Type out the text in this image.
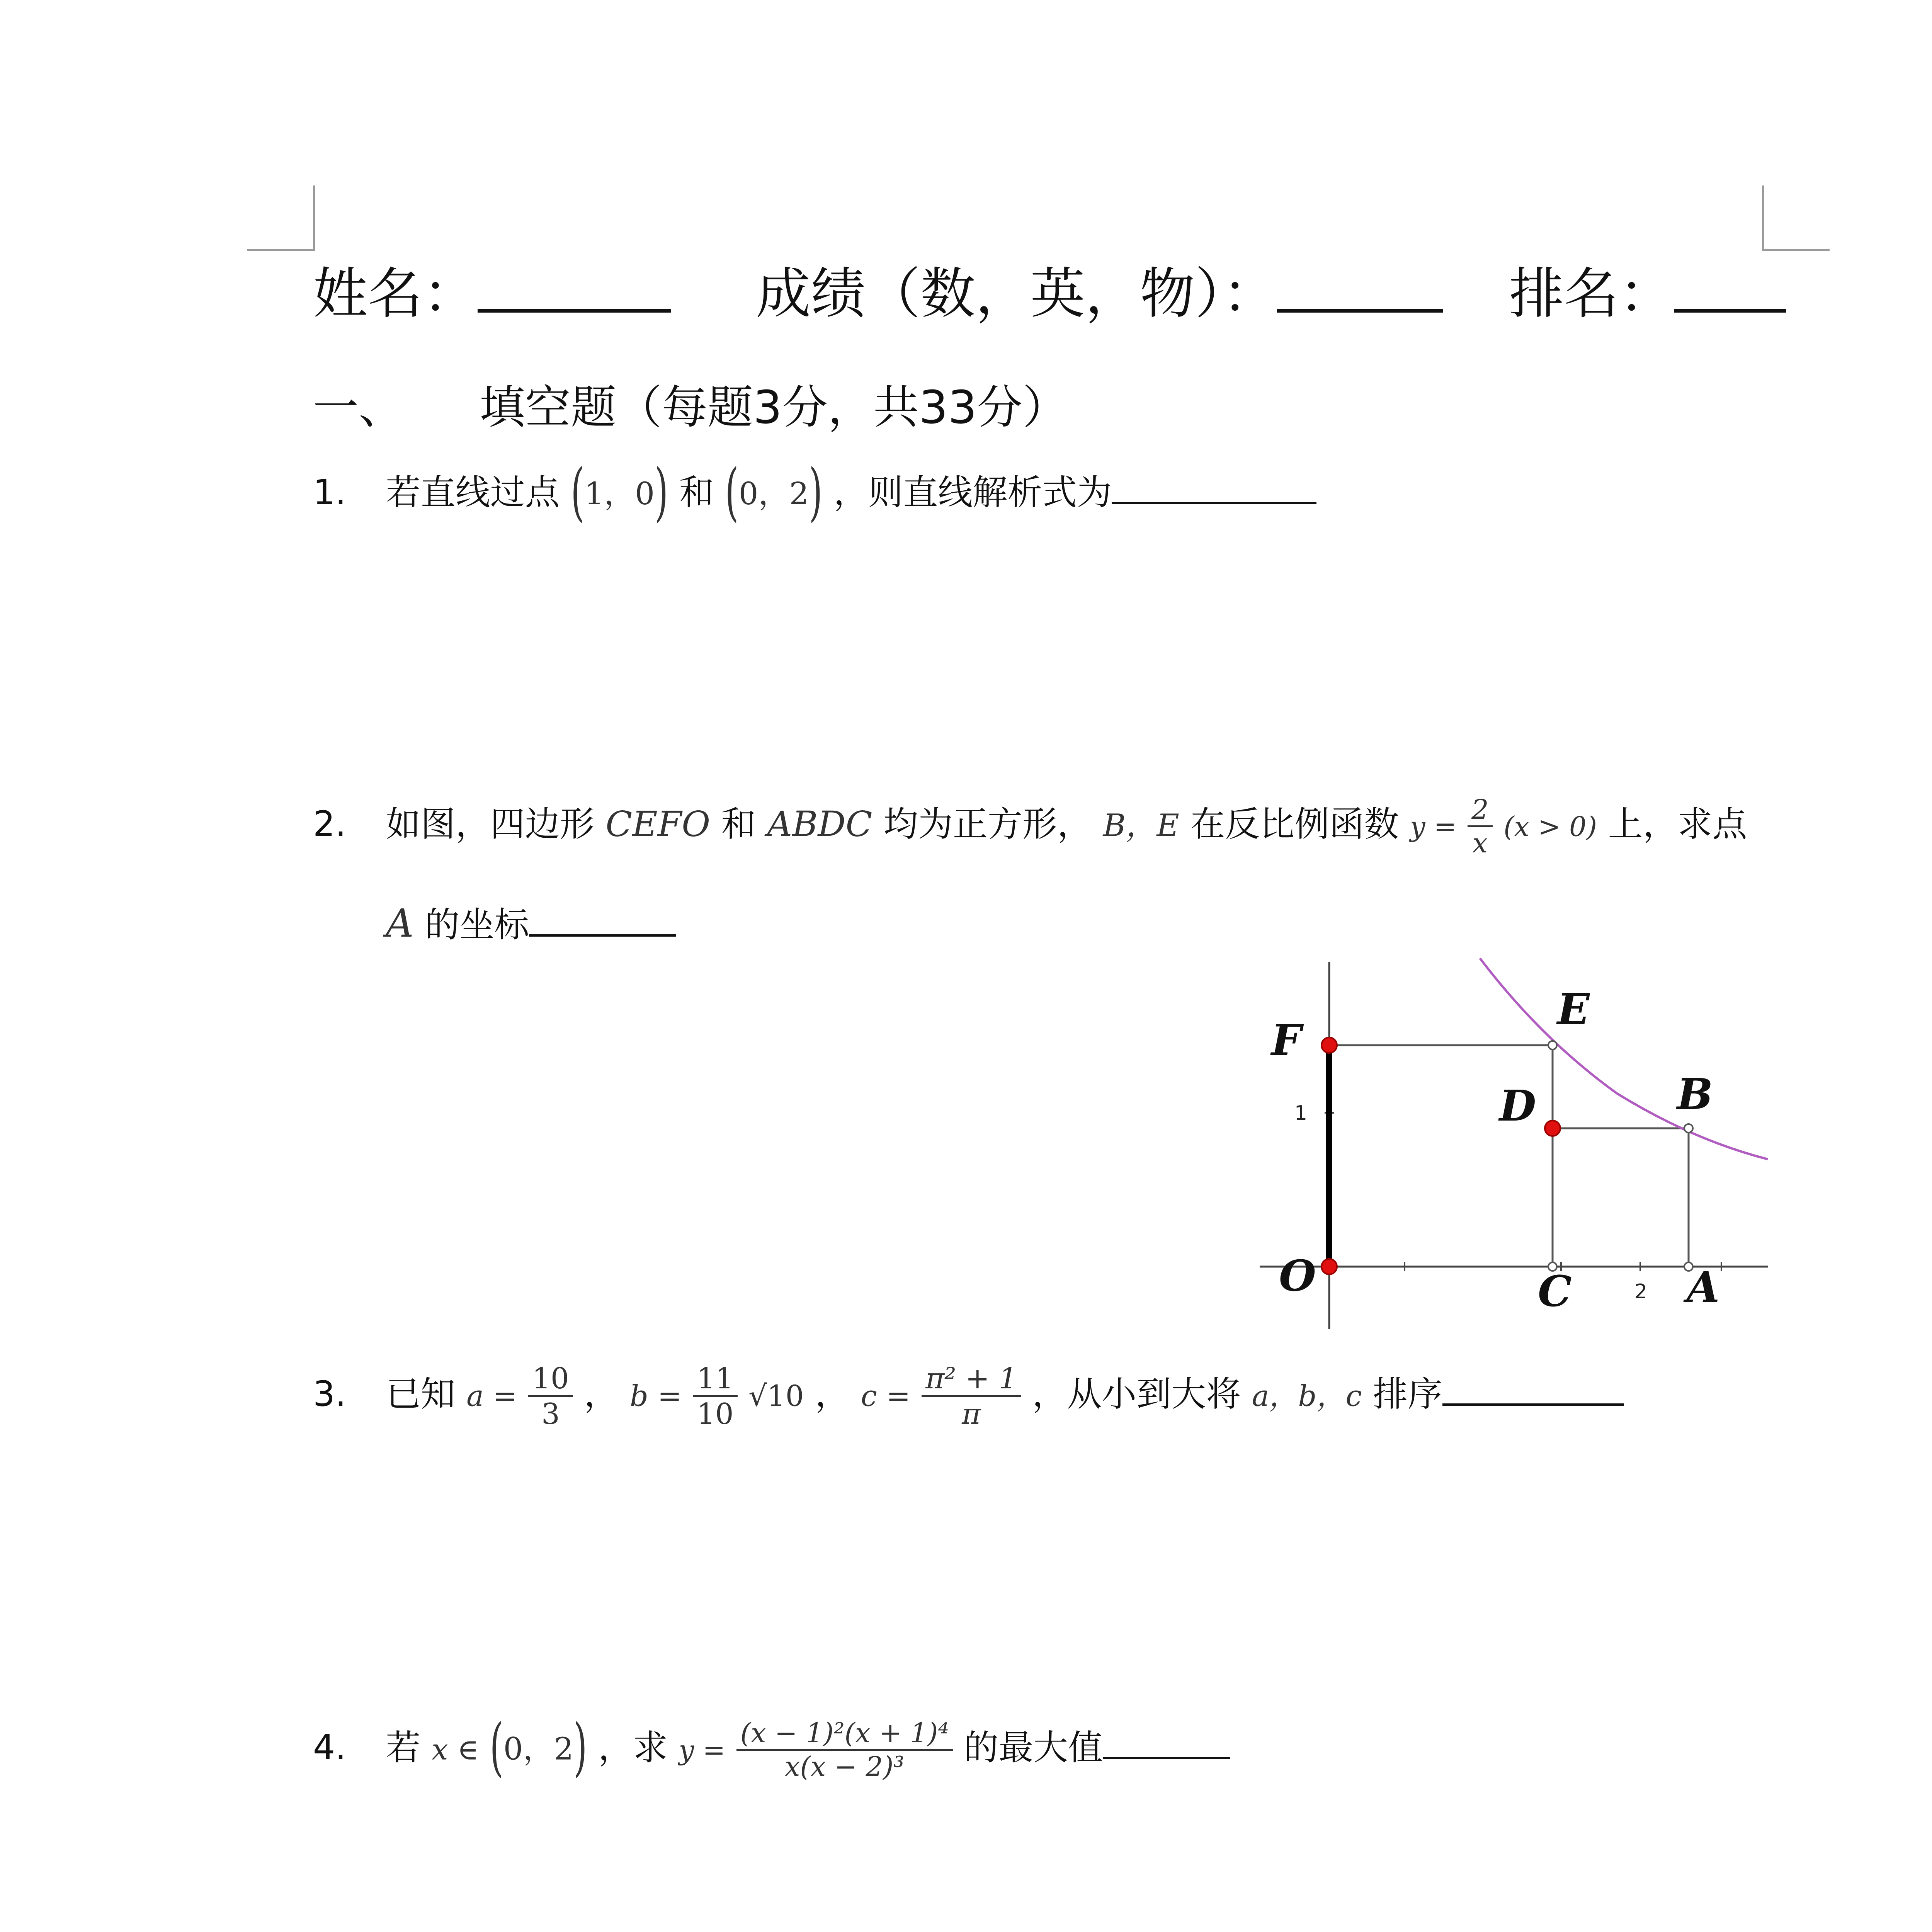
姓名：	成绩（数，英，物）：	排名：
一、 填空题（每题3分，共33分）
1. 若直线过点 (1，0) 和 (0，2) ，则直线解析式为
2. 如图，四边形 CEFO 和 ABDC 均为正方形， B，E 在反比例函数 $y = \frac{2}{x} (x > 0)$ 上，求点
A 的坐标
F
E
D	B
O	C	A
1
2
3. 已知 $a = \frac{10}{3}$ ， $b = \frac{11}{10} √10$ ， $c = \frac{\text{π² + 1}}{\pi}$ ，从小到大将 a，b，c 排序
4. 若 x ∈ (0，2) ，求 $y = \frac{\text{(x − 1)²(x + 1)⁴}}{\text{x(x − 2)³}}$ 的最大值
